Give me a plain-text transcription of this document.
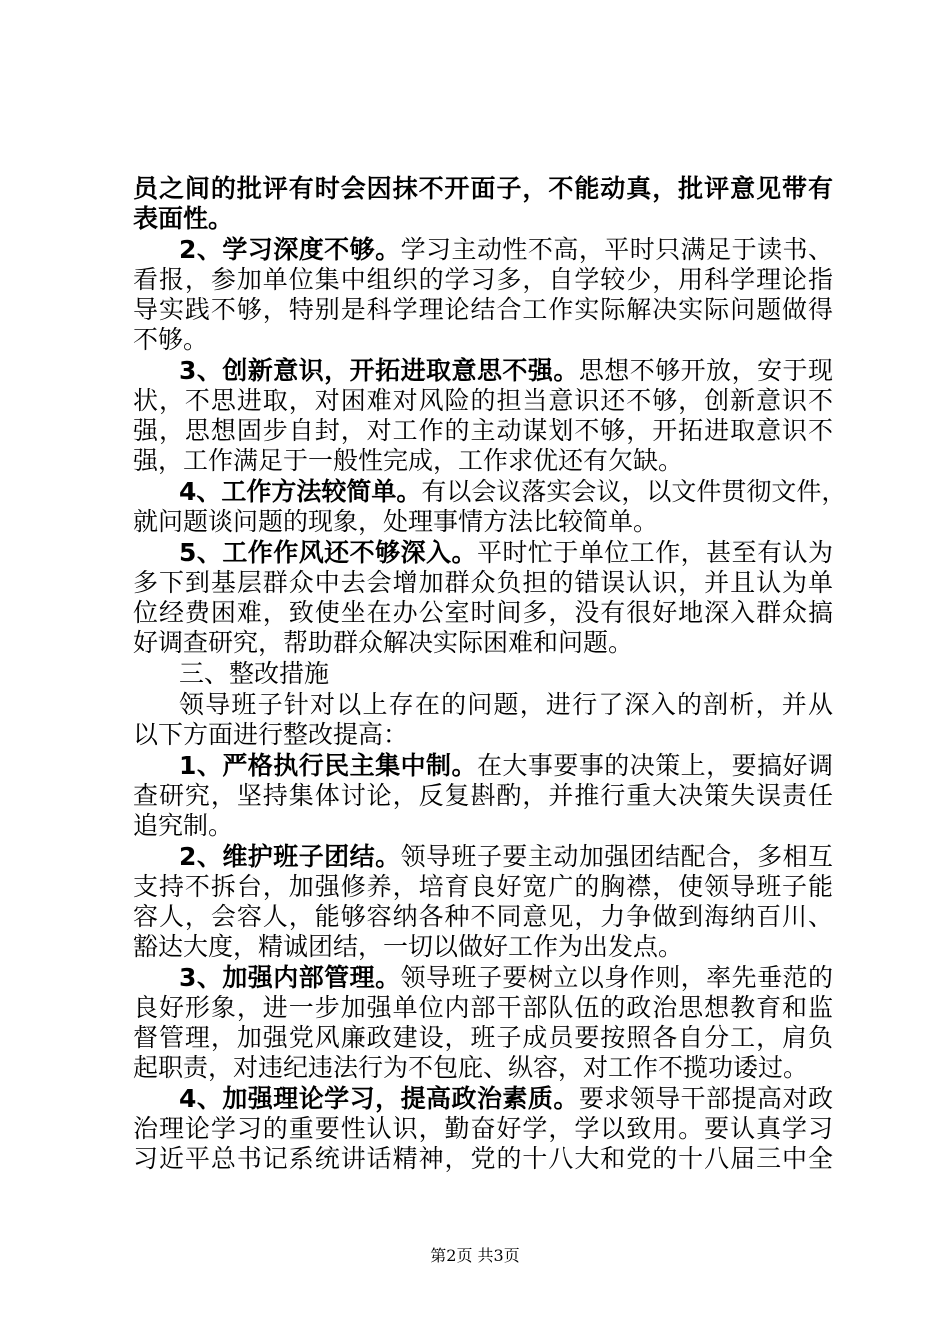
员之间的批评有时会因抹不开面子，不能动真，批评意见带有
表面性。
2、学习深度不够。学习主动性不高，平时只满足于读书、
看报，参加单位集中组织的学习多，自学较少，用科学理论指
导实践不够，特别是科学理论结合工作实际解决实际问题做得
不够。
3、创新意识，开拓进取意思不强。思想不够开放，安于现
状，不思进取，对困难对风险的担当意识还不够，创新意识不
强，思想固步自封，对工作的主动谋划不够，开拓进取意识不
强，工作满足于一般性完成，工作求优还有欠缺。
4、工作方法较简单。有以会议落实会议，以文件贯彻文件，
就问题谈问题的现象，处理事情方法比较简单。
5、工作作风还不够深入。平时忙于单位工作，甚至有认为
多下到基层群众中去会增加群众负担的错误认识，并且认为单
位经费困难，致使坐在办公室时间多，没有很好地深入群众搞
好调查研究，帮助群众解决实际困难和问题。
三、整改措施
领导班子针对以上存在的问题，进行了深入的剖析，并从
以下方面进行整改提高：
1、严格执行民主集中制。在大事要事的决策上，要搞好调
查研究，坚持集体讨论，反复斟酌，并推行重大决策失误责任
追究制。
2、维护班子团结。领导班子要主动加强团结配合，多相互
支持不拆台，加强修养，培育良好宽广的胸襟，使领导班子能
容人，会容人，能够容纳各种不同意见，力争做到海纳百川、
豁达大度，精诚团结，一切以做好工作为出发点。
3、加强内部管理。领导班子要树立以身作则，率先垂范的
良好形象，进一步加强单位内部干部队伍的政治思想教育和监
督管理，加强党风廉政建设，班子成员要按照各自分工，肩负
起职责，对违纪违法行为不包庇、纵容，对工作不揽功诿过。
4、加强理论学习，提高政治素质。要求领导干部提高对政
治理论学习的重要性认识，勤奋好学，学以致用。要认真学习
习近平总书记系统讲话精神，党的十八大和党的十八届三中全
第2页 共3页
